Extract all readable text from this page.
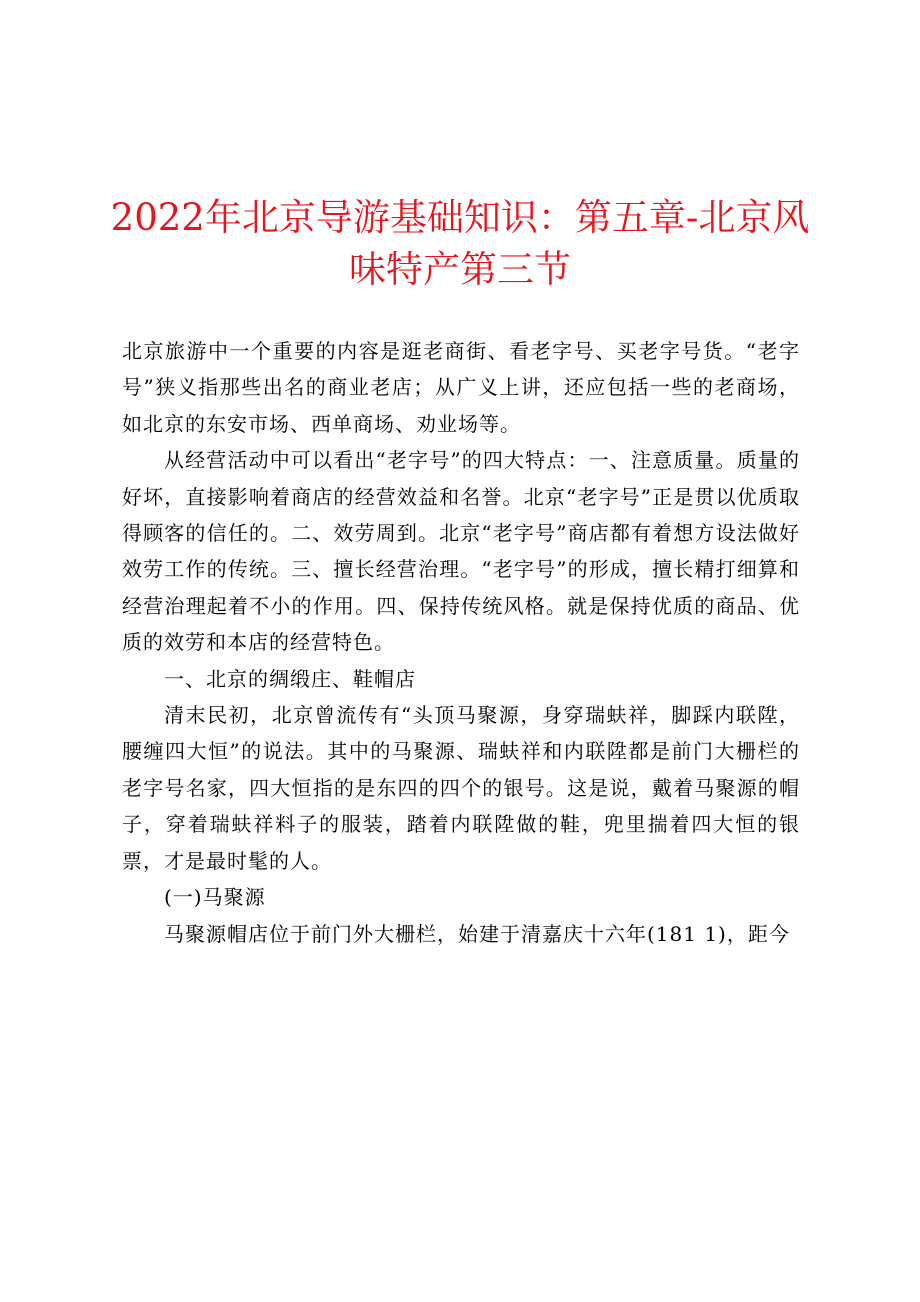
2022年北京导游基础知识：第五章-北京风味特产第三节

北京旅游中一个重要的内容是逛老商街、看老字号、买老字号货。“老字号”狭义指那些出名的商业老店；从广义上讲，还应包括一些的老商场，如北京的东安市场、西单商场、劝业场等。

从经营活动中可以看出“老字号”的四大特点：一、注意质量。质量的好坏，直接影响着商店的经营效益和名誉。北京“老字号”正是贯以优质取得顾客的信任的。二、效劳周到。北京“老字号”商店都有着想方设法做好效劳工作的传统。三、擅长经营治理。“老字号”的形成，擅长精打细算和经营治理起着不小的作用。四、保持传统风格。就是保持优质的商品、优质的效劳和本店的经营特色。

一、北京的绸缎庄、鞋帽店

清末民初，北京曾流传有“头顶马聚源，身穿瑞蚨祥，脚踩内联陞，腰缠四大恒”的说法。其中的马聚源、瑞蚨祥和内联陞都是前门大栅栏的老字号名家，四大恒指的是东四的四个的银号。这是说，戴着马聚源的帽子，穿着瑞蚨祥料子的服装，踏着内联陞做的鞋，兜里揣着四大恒的银票，才是最时髦的人。

(一)马聚源

马聚源帽店位于前门外大栅栏，始建于清嘉庆十六年(181 1)，距今
